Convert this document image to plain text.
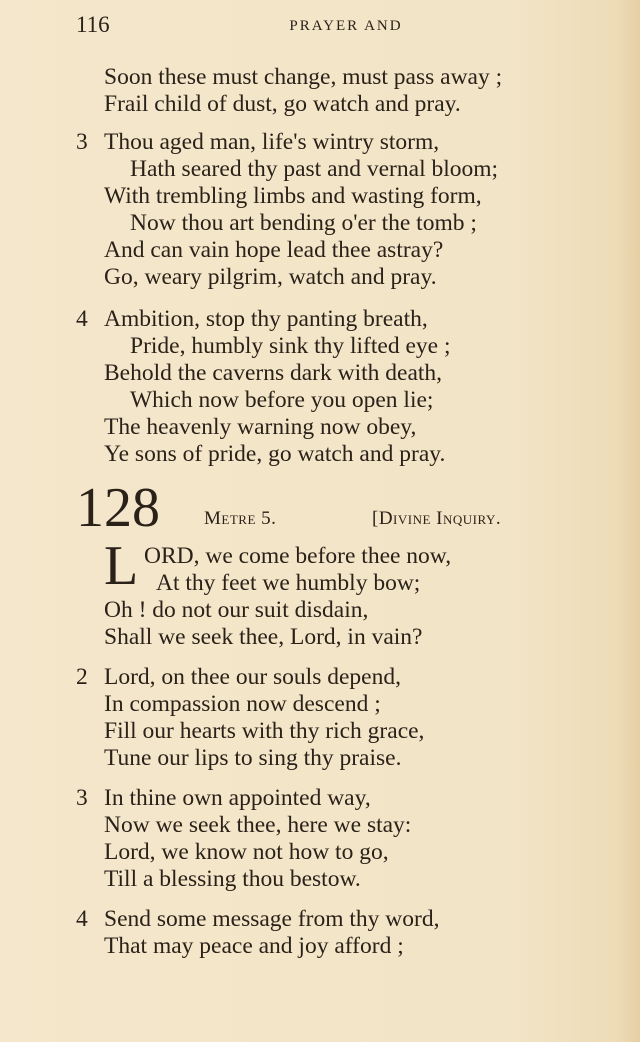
116	PRAYER AND
Soon these must change, must pass away ;
Frail child of dust, go watch and pray.
3 Thou aged man, life's wintry storm,
Hath seared thy past and vernal bloom;
With trembling limbs and wasting form,
Now thou art bending o'er the tomb ;
And can vain hope lead thee astray?
Go, weary pilgrim, watch and pray.
4 Ambition, stop thy panting breath,
Pride, humbly sink thy lifted eye ;
Behold the caverns dark with death,
Which now before you open lie;
The heavenly warning now obey,
Ye sons of pride, go watch and pray.
128 Metre 5.	[Divine Inquiry.
L ORD, we come before thee now,
At thy feet we humbly bow;
Oh ! do not our suit disdain,
Shall we seek thee, Lord, in vain?
2 Lord, on thee our souls depend,
In compassion now descend ;
Fill our hearts with thy rich grace,
Tune our lips to sing thy praise.
3 In thine own appointed way,
Now we seek thee, here we stay:
Lord, we know not how to go,
Till a blessing thou bestow.
4 Send some message from thy word,
That may peace and joy afford ;
